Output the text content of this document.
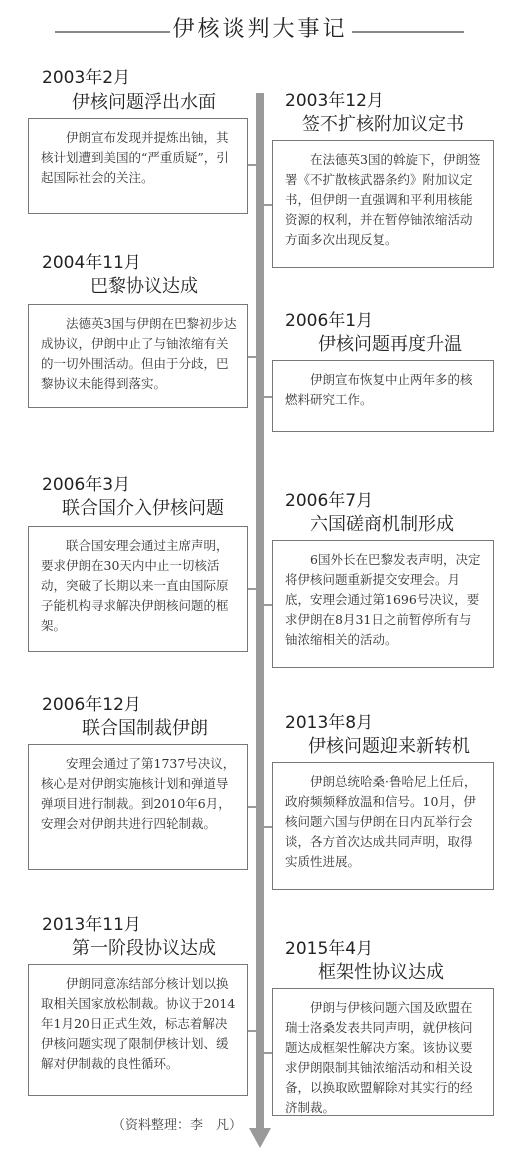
伊核谈判大事记
2003年2月
伊核问题浮出水面

伊朗宣布发现并提炼出铀，其核计划遭到美国的“严重质疑”，引起国际社会的关注。

2004年11月
巴黎协议达成

法德英3国与伊朗在巴黎初步达成协议，伊朗中止了与铀浓缩有关的一切外围活动。但由于分歧，巴黎协议未能得到落实。

2006年3月
联合国介入伊核问题

联合国安理会通过主席声明，要求伊朗在30天内中止一切核活动，突破了长期以来一直由国际原子能机构寻求解决伊朗核问题的框架。

2006年12月
联合国制裁伊朗

安理会通过了第1737号决议，核心是对伊朗实施核计划和弹道导弹项目进行制裁。到2010年6月，安理会对伊朗共进行四轮制裁。

2013年11月
第一阶段协议达成

伊朗同意冻结部分核计划以换取相关国家放松制裁。协议于2014年1月20日正式生效，标志着解决伊核问题实现了限制伊核计划、缓解对伊制裁的良性循环。

2003年12月
签不扩核附加议定书

在法德英3国的斡旋下，伊朗签署《不扩散核武器条约》附加议定书，但伊朗一直强调和平利用核能资源的权利，并在暂停铀浓缩活动方面多次出现反复。

2006年1月
伊核问题再度升温

伊朗宣布恢复中止两年多的核燃料研究工作。

2006年7月
六国磋商机制形成

6国外长在巴黎发表声明，决定将伊核问题重新提交安理会。月底，安理会通过第1696号决议，要求伊朗在8月31日之前暂停所有与铀浓缩相关的活动。

2013年8月
伊核问题迎来新转机

伊朗总统哈桑·鲁哈尼上任后，政府频频释放温和信号。10月，伊核问题六国与伊朗在日内瓦举行会谈，各方首次达成共同声明，取得实质性进展。

2015年4月
框架性协议达成

伊朗与伊核问题六国及欧盟在瑞士洛桑发表共同声明，就伊核问题达成框架性解决方案。该协议要求伊朗限制其铀浓缩活动和相关设备，以换取欧盟解除对其实行的经济制裁。

（资料整理：李　凡）
